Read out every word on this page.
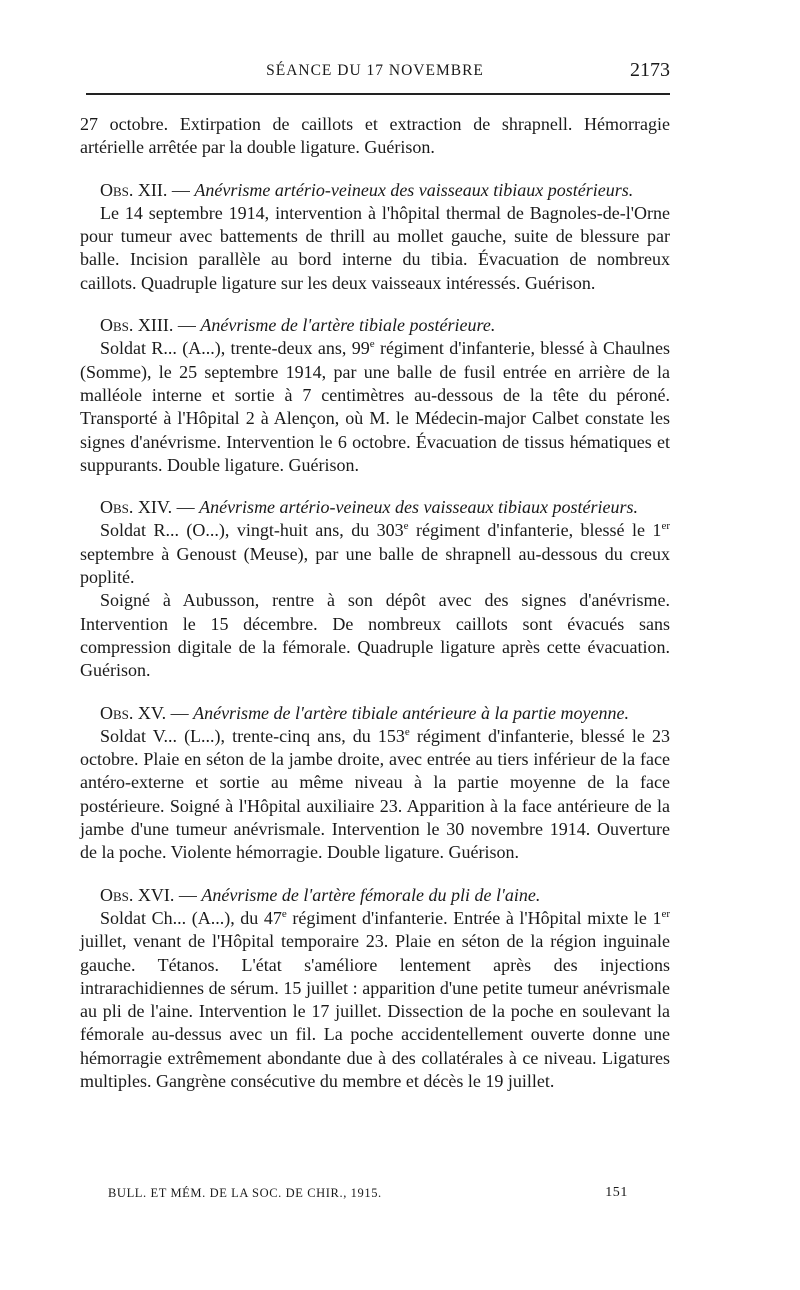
SÉANCE DU 17 NOVEMBRE	2173

27 octobre. Extirpation de caillots et extraction de shrapnell. Hémorragie artérielle arrêtée par la double ligature. Guérison.

Obs. XII. — Anévrisme artério-veineux des vaisseaux tibiaux postérieurs.

Le 14 septembre 1914, intervention à l'hôpital thermal de Bagnoles-de-l'Orne pour tumeur avec battements de thrill au mollet gauche, suite de blessure par balle. Incision parallèle au bord interne du tibia. Évacuation de nombreux caillots. Quadruple ligature sur les deux vaisseaux intéressés. Guérison.

Obs. XIII. — Anévrisme de l'artère tibiale postérieure.

Soldat R... (A...), trente-deux ans, 99e régiment d'infanterie, blessé à Chaulnes (Somme), le 25 septembre 1914, par une balle de fusil entrée en arrière de la malléole interne et sortie à 7 centimètres au-dessous de la tête du péroné. Transporté à l'Hôpital 2 à Alençon, où M. le Médecin-major Calbet constate les signes d'anévrisme. Intervention le 6 octobre. Évacuation de tissus hématiques et suppurants. Double ligature. Guérison.

Obs. XIV. — Anévrisme artério-veineux des vaisseaux tibiaux postérieurs.

Soldat R... (O...), vingt-huit ans, du 303e régiment d'infanterie, blessé le 1er septembre à Genoust (Meuse), par une balle de shrapnell au-dessous du creux poplité.

Soigné à Aubusson, rentre à son dépôt avec des signes d'anévrisme. Intervention le 15 décembre. De nombreux caillots sont évacués sans compression digitale de la fémorale. Quadruple ligature après cette évacuation. Guérison.

Obs. XV. — Anévrisme de l'artère tibiale antérieure à la partie moyenne.

Soldat V... (L...), trente-cinq ans, du 153e régiment d'infanterie, blessé le 23 octobre. Plaie en séton de la jambe droite, avec entrée au tiers inférieur de la face antéro-externe et sortie au même niveau à la partie moyenne de la face postérieure. Soigné à l'Hôpital auxiliaire 23. Apparition à la face antérieure de la jambe d'une tumeur anévrismale. Intervention le 30 novembre 1914. Ouverture de la poche. Violente hémorragie. Double ligature. Guérison.

Obs. XVI. — Anévrisme de l'artère fémorale du pli de l'aine.

Soldat Ch... (A...), du 47e régiment d'infanterie. Entrée à l'Hôpital mixte le 1er juillet, venant de l'Hôpital temporaire 23. Plaie en séton de la région inguinale gauche. Tétanos. L'état s'améliore lentement après des injections intrarachidiennes de sérum. 15 juillet : apparition d'une petite tumeur anévrismale au pli de l'aine. Intervention le 17 juillet. Dissection de la poche en soulevant la fémorale au-dessus avec un fil. La poche accidentellement ouverte donne une hémorragie extrêmement abondante due à des collatérales à ce niveau. Ligatures multiples. Gangrène consécutive du membre et décès le 19 juillet.

BULL. ET MÉM. DE LA SOC. DE CHIR., 1915.	151
